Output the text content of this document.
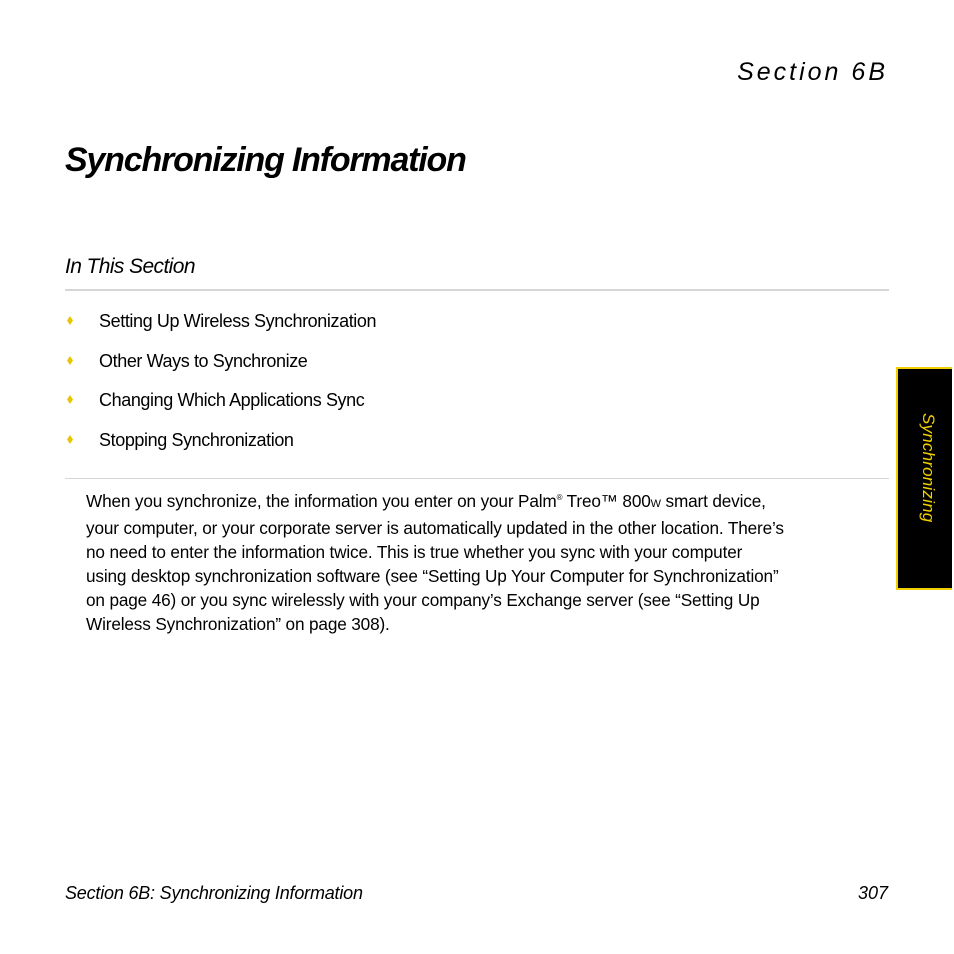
Section 6B
Synchronizing Information
In This Section
Setting Up Wireless Synchronization
Other Ways to Synchronize
Changing Which Applications Sync
Stopping Synchronization

When you synchronize, the information you enter on your Palm® Treo™ 800W smart device,
your computer, or your corporate server is automatically updated in the other location. There’s
no need to enter the information twice. This is true whether you sync with your computer
using desktop synchronization software (see “Setting Up Your Computer for Synchronization”
on page 46) or you sync wirelessly with your company’s Exchange server (see “Setting Up
Wireless Synchronization” on page 308).

Synchronizing
Section 6B: Synchronizing Information	307
